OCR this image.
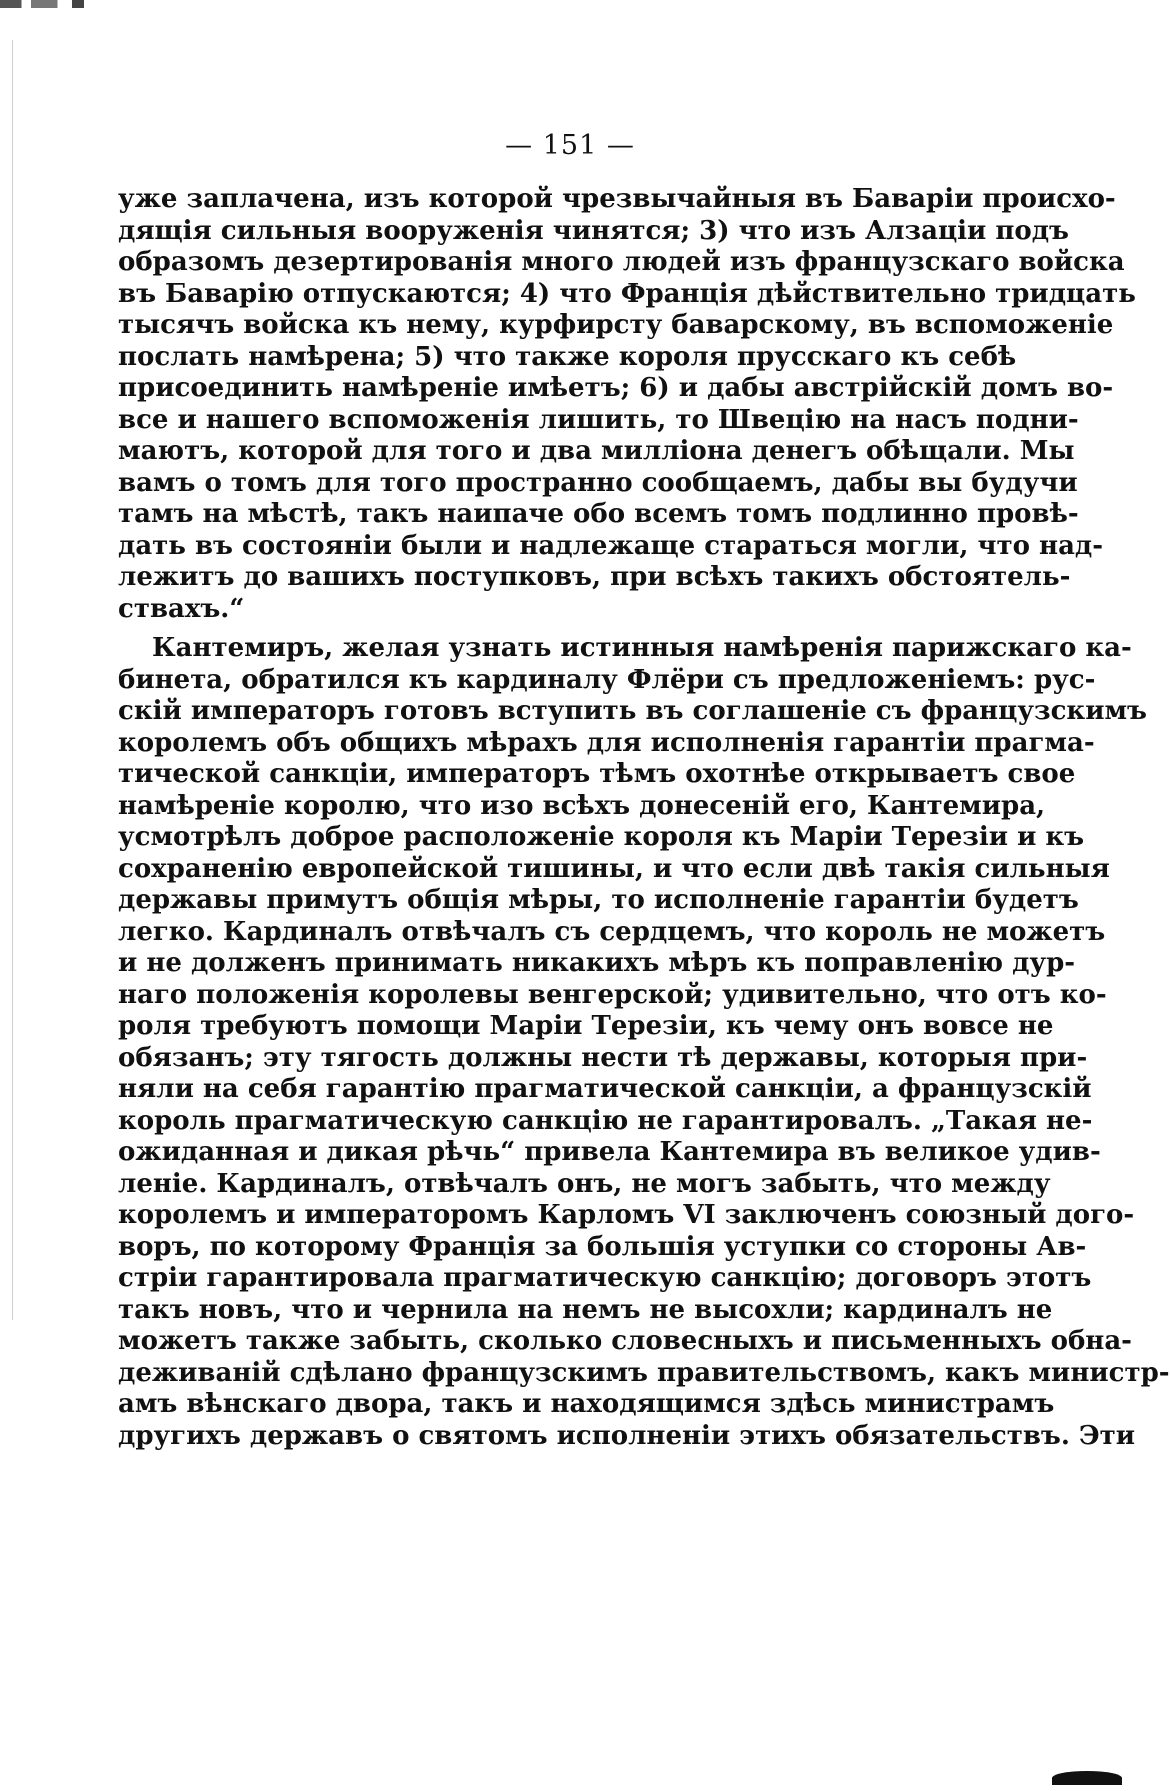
— 151 —
уже заплачена, изъ которой чрезвычайныя въ Баваріи происхо-
дящія сильныя вооруженія чинятся; 3) что изъ Алзаціи подъ
образомъ дезертированія много людей изъ французскаго войска
въ Баварію отпускаются; 4) что Франція дѣйствительно тридцать
тысячъ войска къ нему, курфирсту баварскому, въ вспоможеніе
послать намѣрена; 5) что также короля прусскаго къ себѣ
присоединить намѣреніе имѣетъ; 6) и дабы австрійскій домъ во-
все и нашего вспоможенія лишить, то Швецію на насъ подни-
маютъ, которой для того и два милліона денегъ обѣщали. Мы
вамъ о томъ для того пространно сообщаемъ, дабы вы будучи
тамъ на мѣстѣ, такъ наипаче обо всемъ томъ подлинно провѣ-
дать въ состояніи были и надлежаще стараться могли, что над-
лежитъ до вашихъ поступковъ, при всѣхъ такихъ обстоятель-
ствахъ.“
Кантемиръ, желая узнать истинныя намѣренія парижскаго ка-
бинета, обратился къ кардиналу Флёри съ предложеніемъ: рус-
скій императоръ готовъ вступить въ соглашеніе съ французскимъ
королемъ объ общихъ мѣрахъ для исполненія гарантіи прагма-
тической санкціи, императоръ тѣмъ охотнѣе открываетъ свое
намѣреніе королю, что изо всѣхъ донесеній его, Кантемира,
усмотрѣлъ доброе расположеніе короля къ Маріи Терезіи и къ
сохраненію европейской тишины, и что если двѣ такія сильныя
державы примутъ общія мѣры, то исполненіе гарантіи будетъ
легко. Кардиналъ отвѣчалъ съ сердцемъ, что король не можетъ
и не долженъ принимать никакихъ мѣръ къ поправленію дур-
наго положенія королевы венгерской; удивительно, что отъ ко-
роля требуютъ помощи Маріи Терезіи, къ чему онъ вовсе не
обязанъ; эту тягость должны нести тѣ державы, которыя при-
няли на себя гарантію прагматической санкціи, а французскій
король прагматическую санкцію не гарантировалъ. „Такая не-
ожиданная и дикая рѣчь“ привела Кантемира въ великое удив-
леніе. Кардиналъ, отвѣчалъ онъ, не могъ забыть, что между
королемъ и императоромъ Карломъ VI заключенъ союзный дого-
воръ, по которому Франція за большія уступки со стороны Ав-
стріи гарантировала прагматическую санкцію; договоръ этотъ
такъ новъ, что и чернила на немъ не высохли; кардиналъ не
можетъ также забыть, сколько словесныхъ и письменныхъ обна-
деживаній сдѣлано французскимъ правительствомъ, какъ министр-
амъ вѣнскаго двора, такъ и находящимся здѣсь министрамъ
другихъ державъ о святомъ исполненіи этихъ обязательствъ. Эти
